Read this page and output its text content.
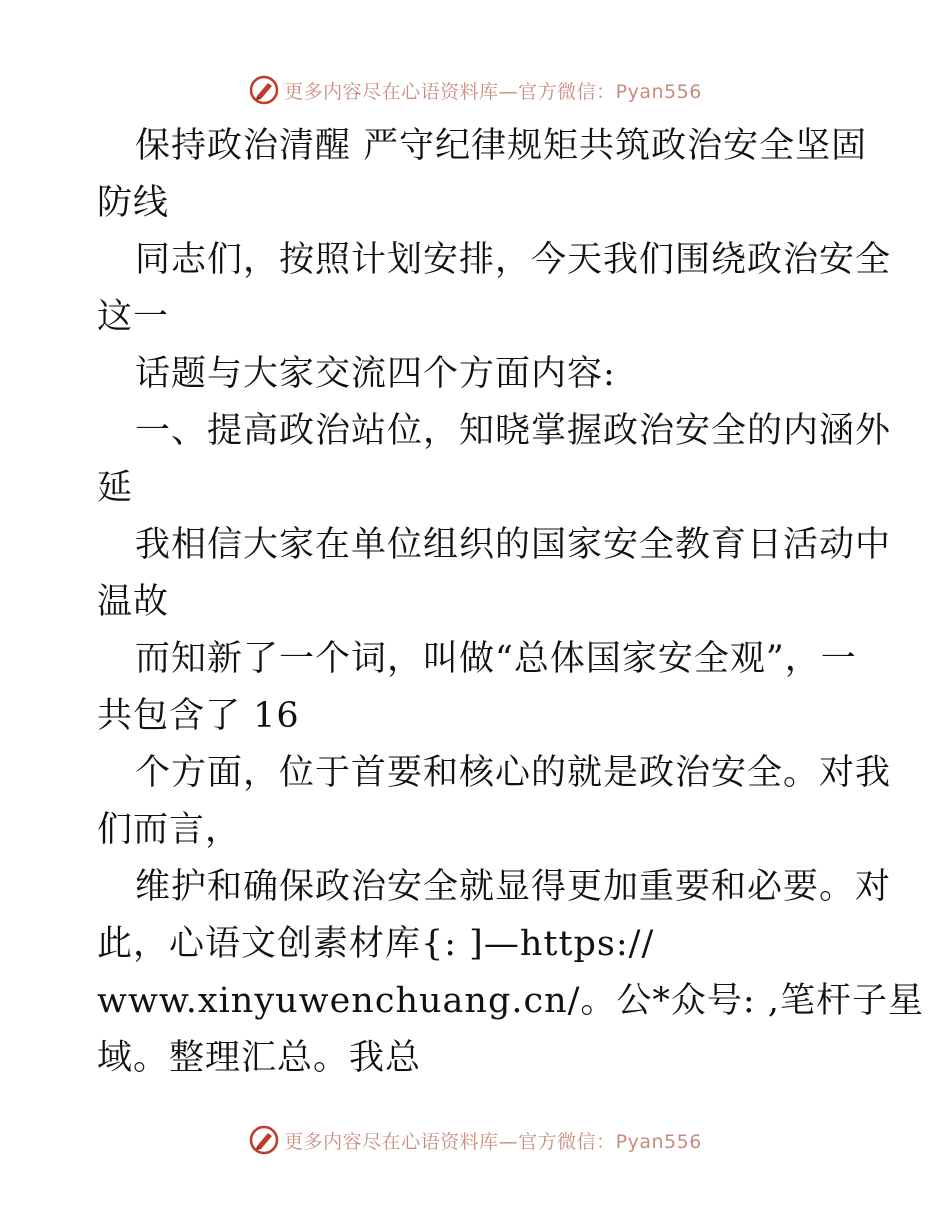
更多内容尽在心语资料库—官方微信：Pyan556
保持政治清醒 严守纪律规矩共筑政治安全坚固
防线
同志们，按照计划安排，今天我们围绕政治安全
这一
话题与大家交流四个方面内容:
一、提高政治站位，知晓掌握政治安全的内涵外
延
我相信大家在单位组织的国家安全教育日活动中
温故
而知新了一个词，叫做“总体国家安全观”，一
共包含了 16
个方面，位于首要和核心的就是政治安全。对我
们而言，
维护和确保政治安全就显得更加重要和必要。对
此，心语文创素材库{: ]—https://
www.xinyuwenchuang.cn/。公*众号: ,笔杆子星
域。整理汇总。我总
更多内容尽在心语资料库—官方微信：Pyan556
